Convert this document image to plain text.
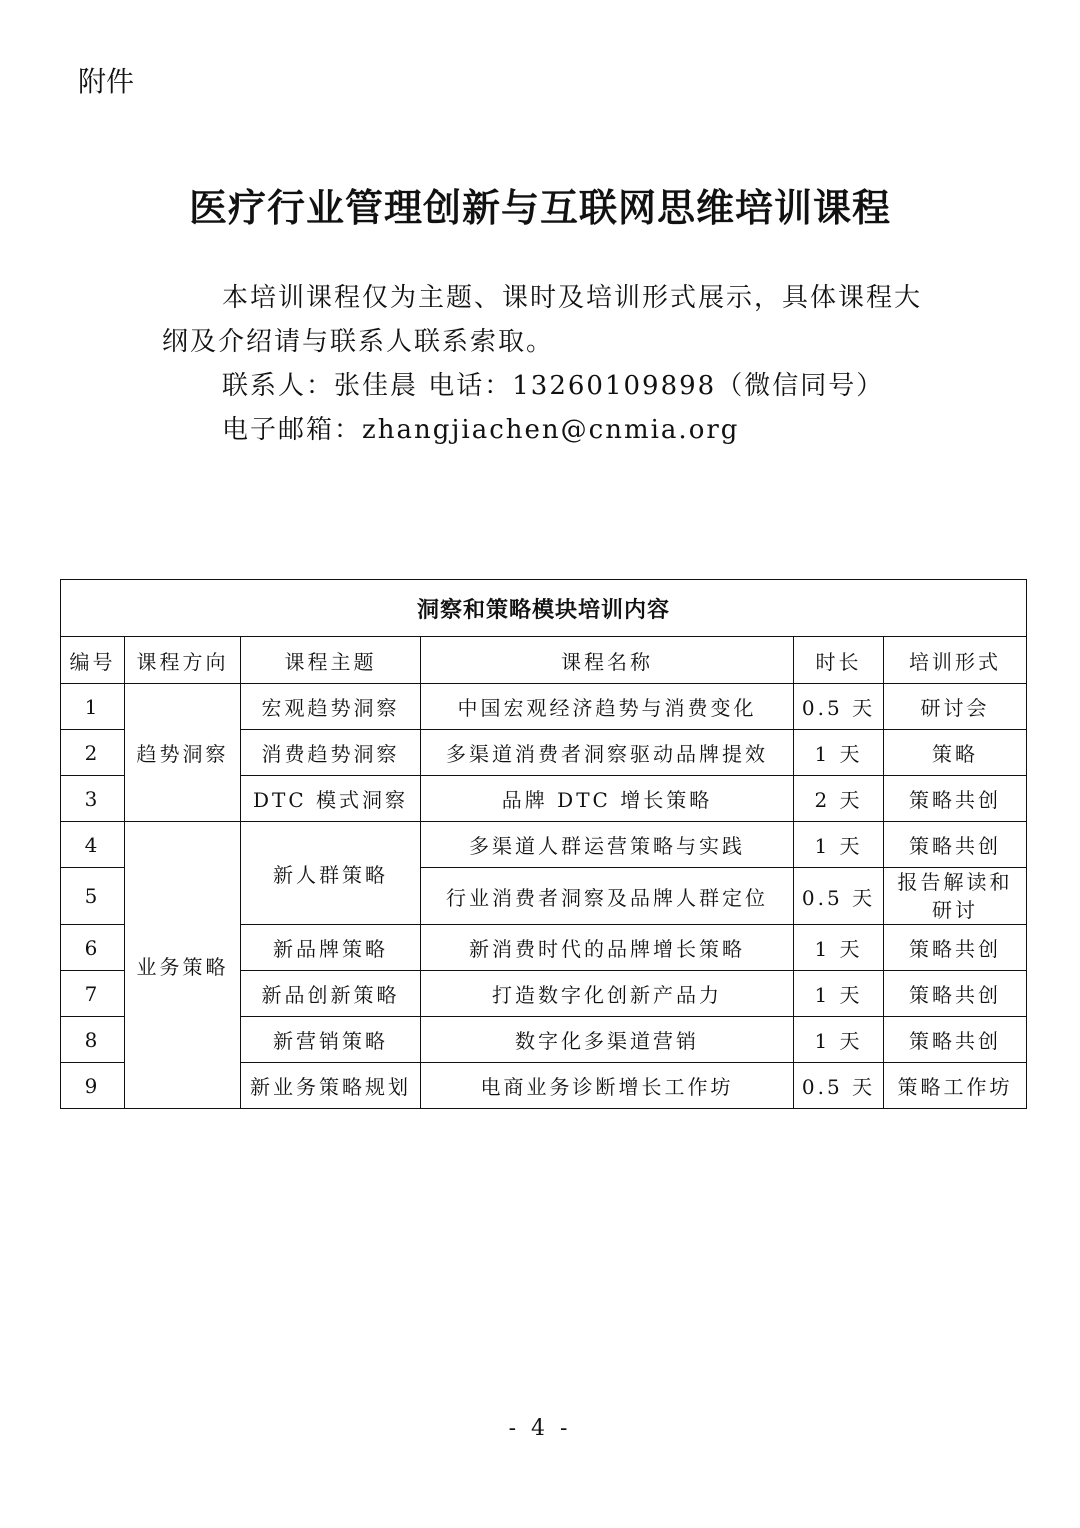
附件
医疗行业管理创新与互联网思维培训课程

本培训课程仅为主题、课时及培训形式展示，具体课程大纲及介绍请与联系人联系索取。

联系人：张佳晨 电话：13260109898（微信同号）

电子邮箱：zhangjiachen@cnmia.org

洞察和策略模块培训内容					
编号	课程方向	课程主题	课程名称	时长	培训形式
1	趋势洞察	宏观趋势洞察	中国宏观经济趋势与消费变化	0.5 天	研讨会
2		消费趋势洞察	多渠道消费者洞察驱动品牌提效	1 天	策略
3		DTC 模式洞察	品牌 DTC 增长策略	2 天	策略共创
4	业务策略	新人群策略	多渠道人群运营策略与实践	1 天	策略共创
5			行业消费者洞察及品牌人群定位	0.5 天	报告解读和研讨
6		新品牌策略	新消费时代的品牌增长策略	1 天	策略共创
7		新品创新策略	打造数字化创新产品力	1 天	策略共创
8		新营销策略	数字化多渠道营销	1 天	策略共创
9		新业务策略规划	电商业务诊断增长工作坊	0.5 天	策略工作坊
- 4 -
